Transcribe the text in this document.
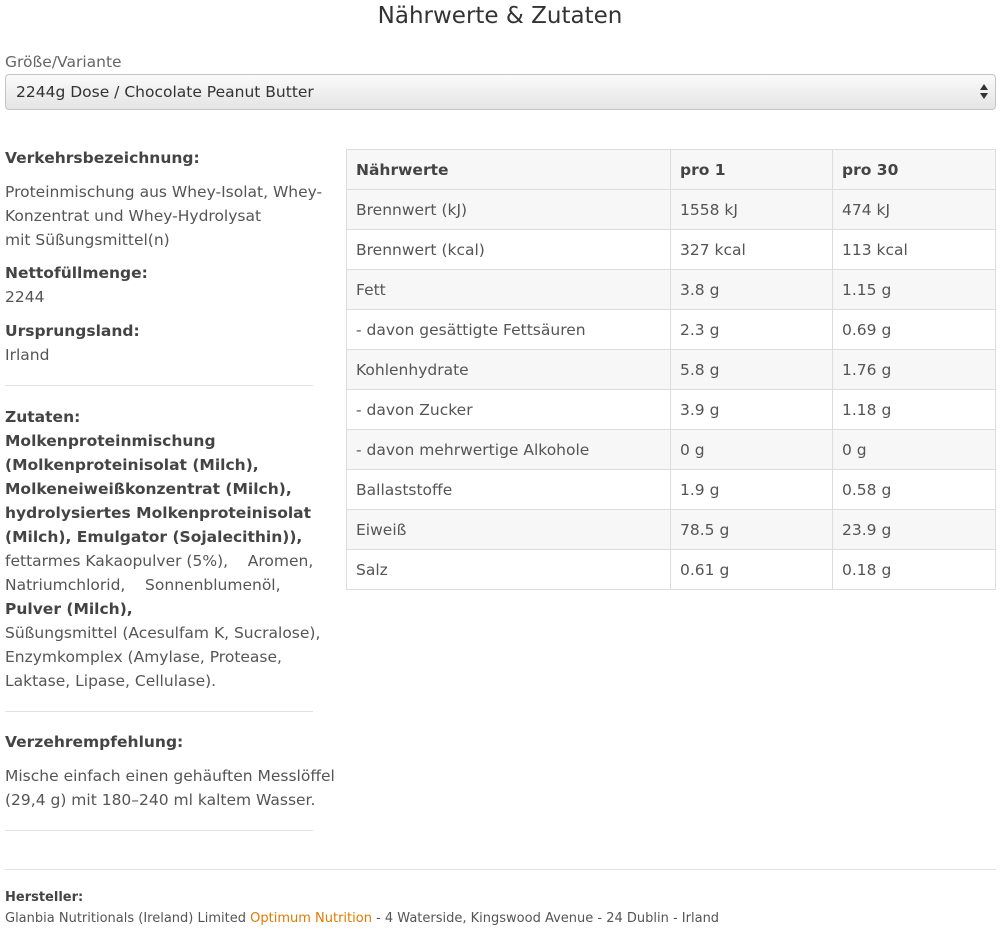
Nährwerte & Zutaten
Größe/Variante
2244g Dose / Chocolate Peanut Butter
Verkehrsbezeichnung:
Proteinmischung aus Whey-Isolat, Whey-
Konzentrat und Whey-Hydrolysat
mit Süßungsmittel(n)
Nettofüllmenge:
2244
Ursprungsland:
Irland
Zutaten:
Molkenproteinmischung
(Molkenproteinisolat (Milch),
Molkeneiweißkonzentrat (Milch),
hydrolysiertes Molkenproteinisolat
(Milch), Emulgator (Sojalecithin)),
fettarmes Kakaopulver (5%),    Aromen,
Natriumchlorid,    Sonnenblumenöl,
Pulver (Milch),
Süßungsmittel (Acesulfam K, Sucralose),
Enzymkomplex (Amylase, Protease,
Laktase, Lipase, Cellulase).
Verzehrempfehlung:
Mische einfach einen gehäuften Messlöffel
(29,4 g) mit 180–240 ml kaltem Wasser.
Nährwerte	pro 1	pro 30
Brennwert (kJ)	1558 kJ	474 kJ
Brennwert (kcal)	327 kcal	113 kcal
Fett	3.8 g	1.15 g
- davon gesättigte Fettsäuren	2.3 g	0.69 g
Kohlenhydrate	5.8 g	1.76 g
- davon Zucker	3.9 g	1.18 g
- davon mehrwertige Alkohole	0 g	0 g
Ballaststoffe	1.9 g	0.58 g
Eiweiß	78.5 g	23.9 g
Salz	0.61 g	0.18 g
Hersteller:
Glanbia Nutritionals (Ireland) Limited Optimum Nutrition - 4 Waterside, Kingswood Avenue - 24 Dublin - Irland
